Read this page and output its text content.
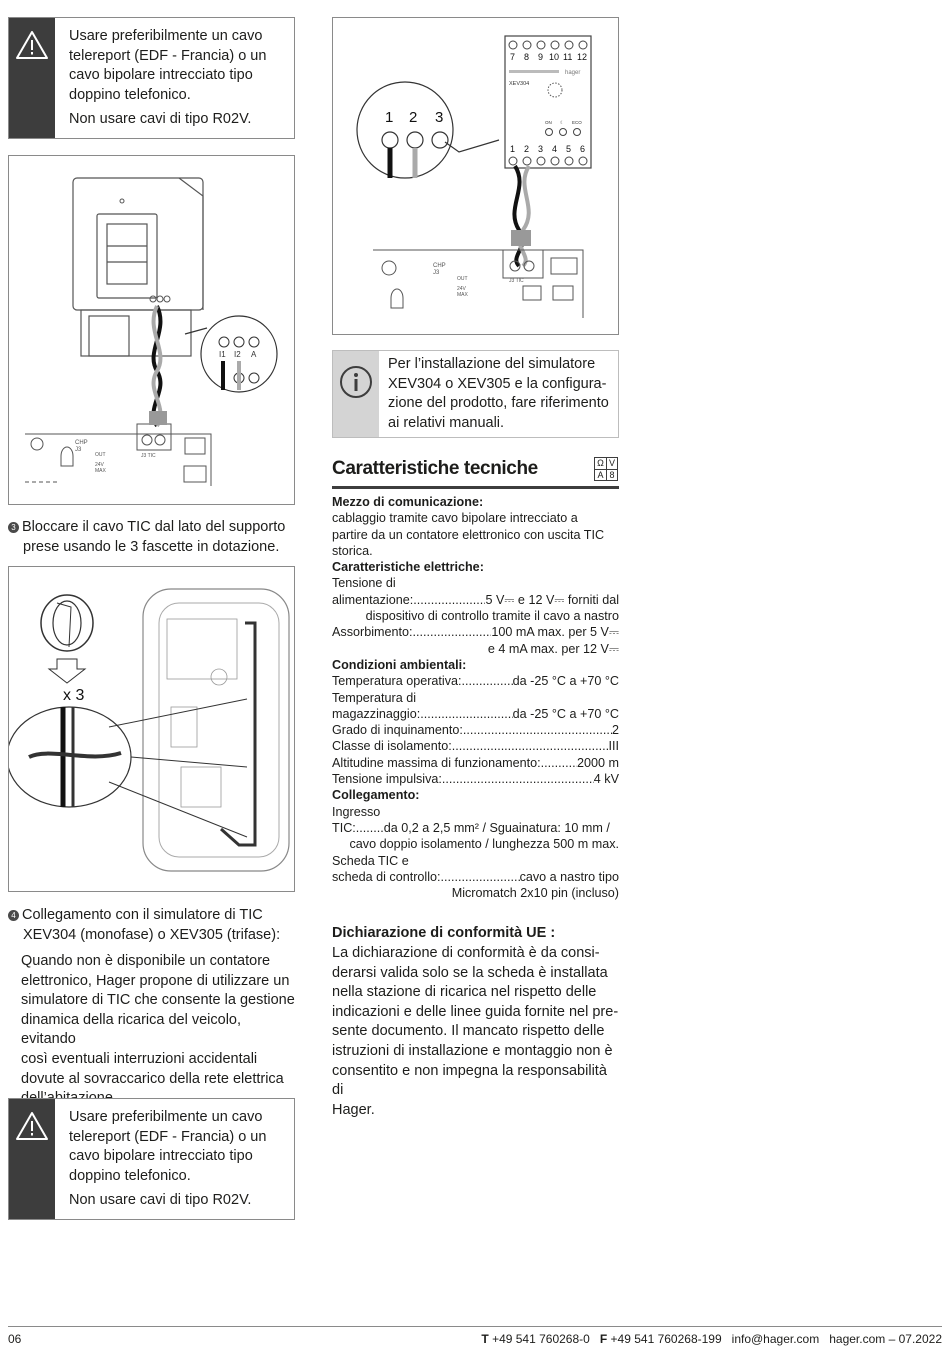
Usare preferibilmente un cavo
telereport (EDF - Francia) o un
cavo bipolare intrecciato tipo
doppino telefonico.

Non usare cavi di tipo R02V.

I1 I2 A
CHP
J3
OUT
24V
MAX
J3 TIC
3 Bloccare il cavo TIC dal lato del supporto
prese usando le 3 fascette in dotazione.
x 3
4 Collegamento con il simulatore di TIC
XEV304 (monofase) o XEV305 (trifase):
Quando non è disponibile un contatore
elettronico, Hager propone di utilizzare un
simulatore di TIC che consente la gestione
dinamica della ricarica del veicolo, evitando
così eventuali interruzioni accidentali
dovute al sovraccarico della rete elettrica

Usare preferibilmente un cavo
telereport (EDF - Francia) o un
cavo bipolare intrecciato tipo
doppino telefonico.

Non usare cavi di tipo R02V.

7 8 9 10 11 12
hager
XEV304
ON ☾ ECO
1 2 3 4 5 6
1 2 3
CHP
J3
OUT
24V
MAX
J3 TIC
Per l’installazione del simulatore
XEV304 o XEV305 e la configura-
zione del prodotto, fare riferimento
ai relativi manuali.
Caratteristiche tecniche	Ω V
A 8
Mezzo di comunicazione:
cablaggio tramite cavo bipolare intrecciato a
partire da un contatore elettronico con uscita TIC
storica.
Caratteristiche elettriche:
Tensione di
alimentazione: .....	5 V⎓ e 12 V⎓ forniti dal
dispositivo di controllo tramite il cavo a nastro
Assorbimento: .....	100 mA max. per 5 V⎓
e 4 mA max. per 12 V⎓
Condizioni ambientali:
Temperatura operativa: .....	da -25 °C a +70 °C
Temperatura di
magazzinaggio: .....	da -25 °C a +70 °C
Grado di inquinamento: .....	2
Classe di isolamento: .....	III
Altitudine massima di funzionamento: .....	2000 m
Tensione impulsiva: .....	4 kV
Collegamento:
Ingresso
TIC: ..... da 0,2 a 2,5 mm² / Sguainatura: 10 mm /
cavo doppio isolamento / lunghezza 500 m max.
Scheda TIC e
scheda di controllo: .....	cavo a nastro tipo
Micromatch 2x10 pin (incluso)
Dichiarazione di conformità UE :
La dichiarazione di conformità è da consi-
derarsi valida solo se la scheda è installata
nella stazione di ricarica nel rispetto delle
indicazioni e delle linee guida fornite nel pre-
sente documento. Il mancato rispetto delle
istruzioni di installazione e montaggio non è
consentito e non impegna la responsabilità di
Hager.
06	T +49 541 760268-0 F +49 541 760268-199 info@hager.com hager.com – 07.2022
